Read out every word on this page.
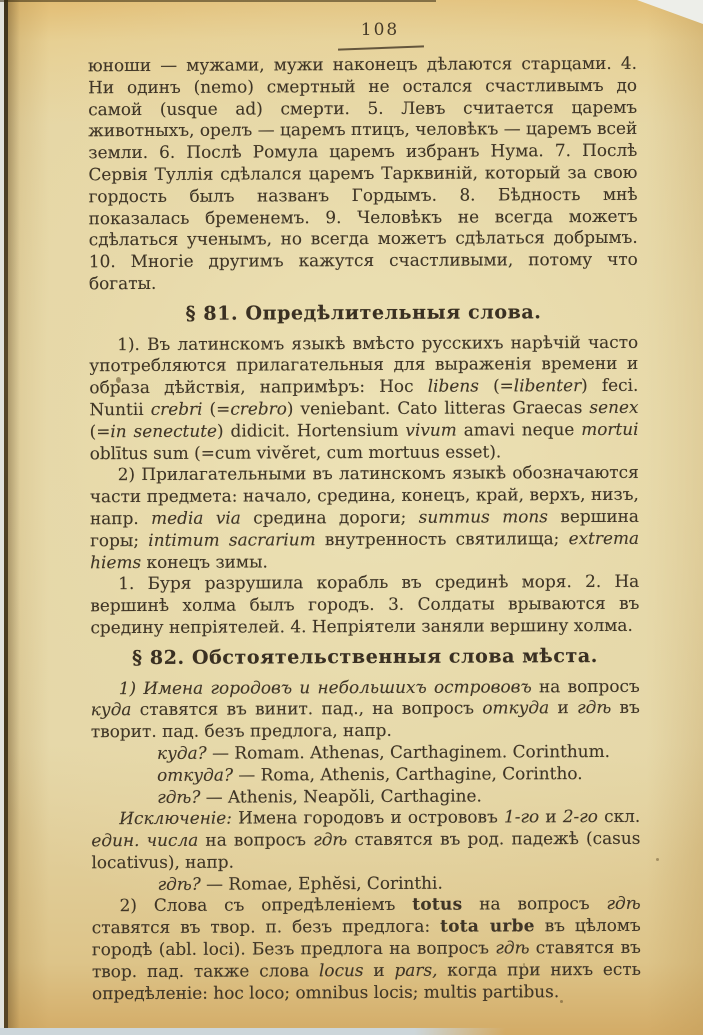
108

юноши — мужами, мужи наконецъ дѣлаются старцами. 4. Ни одинъ (nemo) смертный не остался счастливымъ до самой (usque ad) смерти. 5. Левъ считается царемъ животныхъ, орелъ — царемъ птицъ, человѣкъ — царемъ всей земли. 6. Послѣ Ромула царемъ избранъ Нума. 7. Послѣ Сервія Туллія сдѣлался царемъ Тарквиній, который за свою гордость былъ названъ Гордымъ. 8. Бѣдность мнѣ показалась бременемъ. 9. Человѣкъ не всегда можетъ сдѣлаться ученымъ, но всегда можетъ сдѣлаться добрымъ. 10. Многіе другимъ кажутся счастливыми, потому что богаты.

§ 81. Опредѣлительныя слова.

1). Въ латинскомъ языкѣ вмѣсто русскихъ нарѣчій часто употребляются прилагательныя для выраженія времени и образа дѣйствія, напримѣръ: Hoc libens (=libenter) feci. Nuntii crebri (=crebro) veniebant. Cato litteras Graecas senex (=in senectute) didicit. Hortensium vivum amavi neque mortui oblītus sum (=cum vivĕret, cum mortuus esset).

2) Прилагательными въ латинскомъ языкѣ обозначаются части предмета: начало, средина, конецъ, край, верхъ, низъ, напр. media via средина дороги; summus mons вершина горы; intimum sacrarium внутренность святилища; extrema hiems конецъ зимы.

1. Буря разрушила корабль въ срединѣ моря. 2. На вершинѣ холма былъ городъ. 3. Солдаты врываются въ средину непріятелей. 4. Непріятели заняли вершину холма.

§ 82. Обстоятельственныя слова мѣста.

1) Имена городовъ и небольшихъ острововъ на вопросъ куда ставятся въ винит. пад., на вопросъ откуда и гдѣ въ творит. пад. безъ предлога, напр.

куда? — Romam. Athenas, Carthaginem. Corinthum.

откуда? — Roma, Athenis, Carthagine, Corintho.

гдѣ? — Athenis, Neapŏli, Carthagine.

Исключеніе: Имена городовъ и острововъ 1-го и 2-го скл. един. числа на вопросъ гдѣ ставятся въ род. падежѣ (casus locativus), напр.

гдѣ? — Romae, Ephĕsi, Corinthi.

2) Слова съ опредѣленіемъ totus на вопросъ гдѣ ставятся въ твор. п. безъ предлога: tota urbe въ цѣломъ городѣ (abl. loci). Безъ предлога на вопросъ гдѣ ставятся въ твор. пад. также слова locus и pars, когда при нихъ есть опредѣленіе: hoc loco; omnibus locis; multis partibus.
